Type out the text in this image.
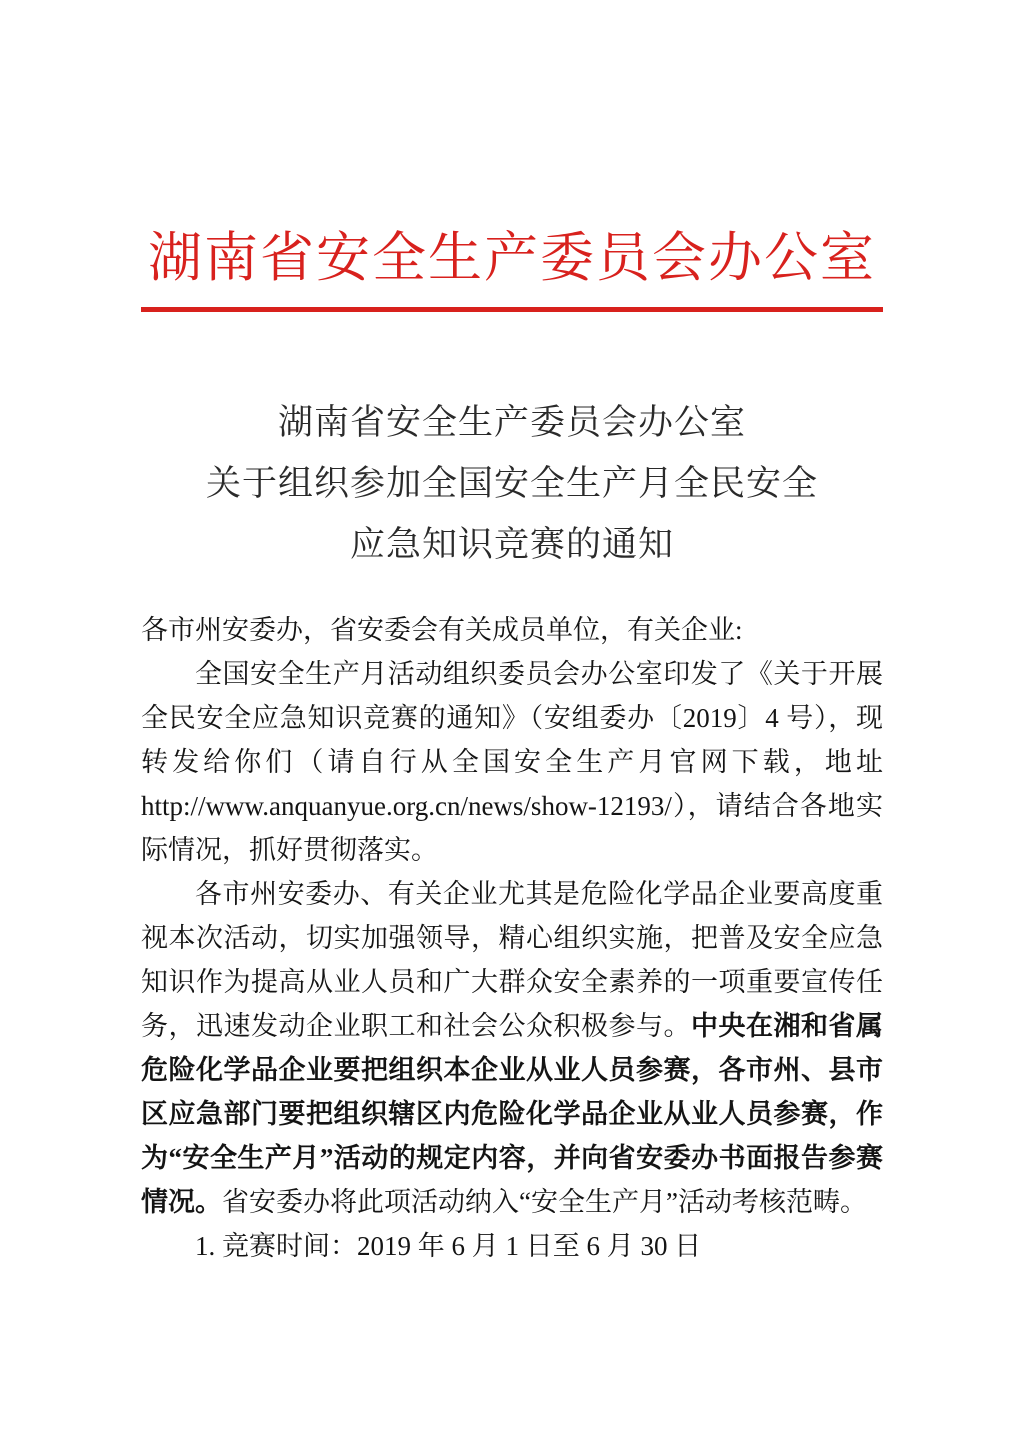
湖南省安全生产委员会办公室
湖南省安全生产委员会办公室
关于组织参加全国安全生产月全民安全
应急知识竞赛的通知

各市州安委办，省安委会有关成员单位，有关企业:

全国安全生产月活动组织委员会办公室印发了《关于开展全民安全应急知识竞赛的通知》（安组委办〔2019〕4 号），现转发给你们（请自行从全国安全生产月官网下载，地址http://www.anquanyue.org.cn/news/show-12193/），请结合各地实际情况，抓好贯彻落实。

各市州安委办、有关企业尤其是危险化学品企业要高度重视本次活动，切实加强领导，精心组织实施，把普及安全应急知识作为提高从业人员和广大群众安全素养的一项重要宣传任务，迅速发动企业职工和社会公众积极参与。中央在湘和省属危险化学品企业要把组织本企业从业人员参赛，各市州、县市区应急部门要把组织辖区内危险化学品企业从业人员参赛，作为“安全生产月”活动的规定内容，并向省安委办书面报告参赛情况。省安委办将此项活动纳入“安全生产月”活动考核范畴。

1. 竞赛时间：2019 年 6 月 1 日至 6 月 30 日
